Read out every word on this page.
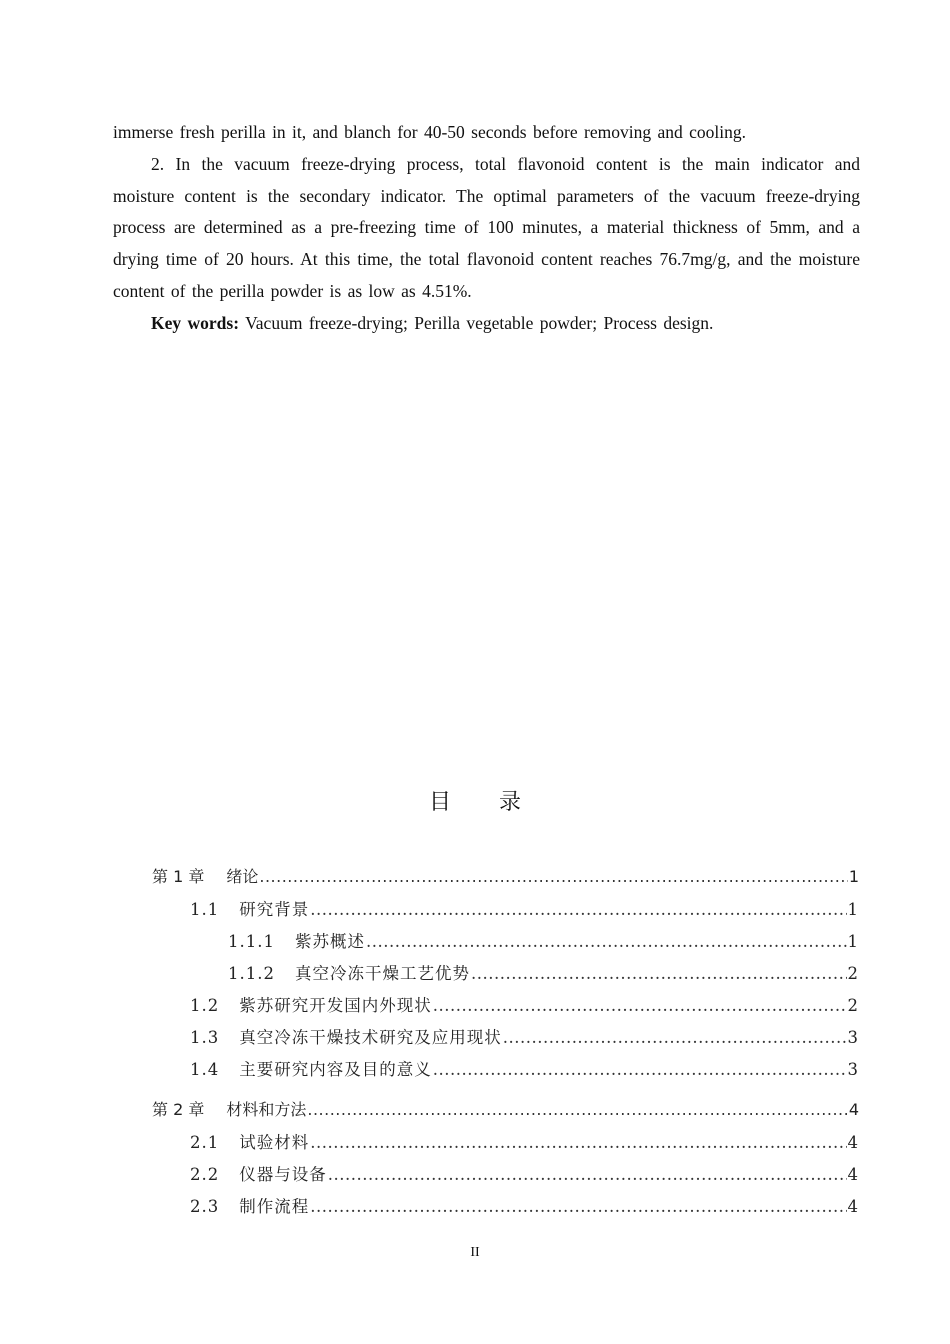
immerse fresh perilla in it, and blanch for 40-50 seconds before removing and cooling.

2. In the vacuum freeze-drying process, total flavonoid content is the main indicator and moisture content is the secondary indicator. The optimal parameters of the vacuum freeze-drying process are determined as a pre-freezing time of 100 minutes, a material thickness of 5mm, and a drying time of 20 hours. At this time, the total flavonoid content reaches 76.7mg/g, and the moisture content of the perilla powder is as low as 4.51%.

Key words: Vacuum freeze-drying; Perilla vegetable powder; Process design.

目 录
第 1 章 绪论 .....	1
1.1 研究背景 .....	1
1.1.1 紫苏概述 .....	1
1.1.2 真空冷冻干燥工艺优势 .....	2
1.2 紫苏研究开发国内外现状 .....	2
1.3 真空冷冻干燥技术研究及应用现状 .....	3
1.4 主要研究内容及目的意义 .....	3
第 2 章 材料和方法 .....	4
2.1 试验材料 .....	4
2.2 仪器与设备 .....	4
2.3 制作流程 .....	4
II
